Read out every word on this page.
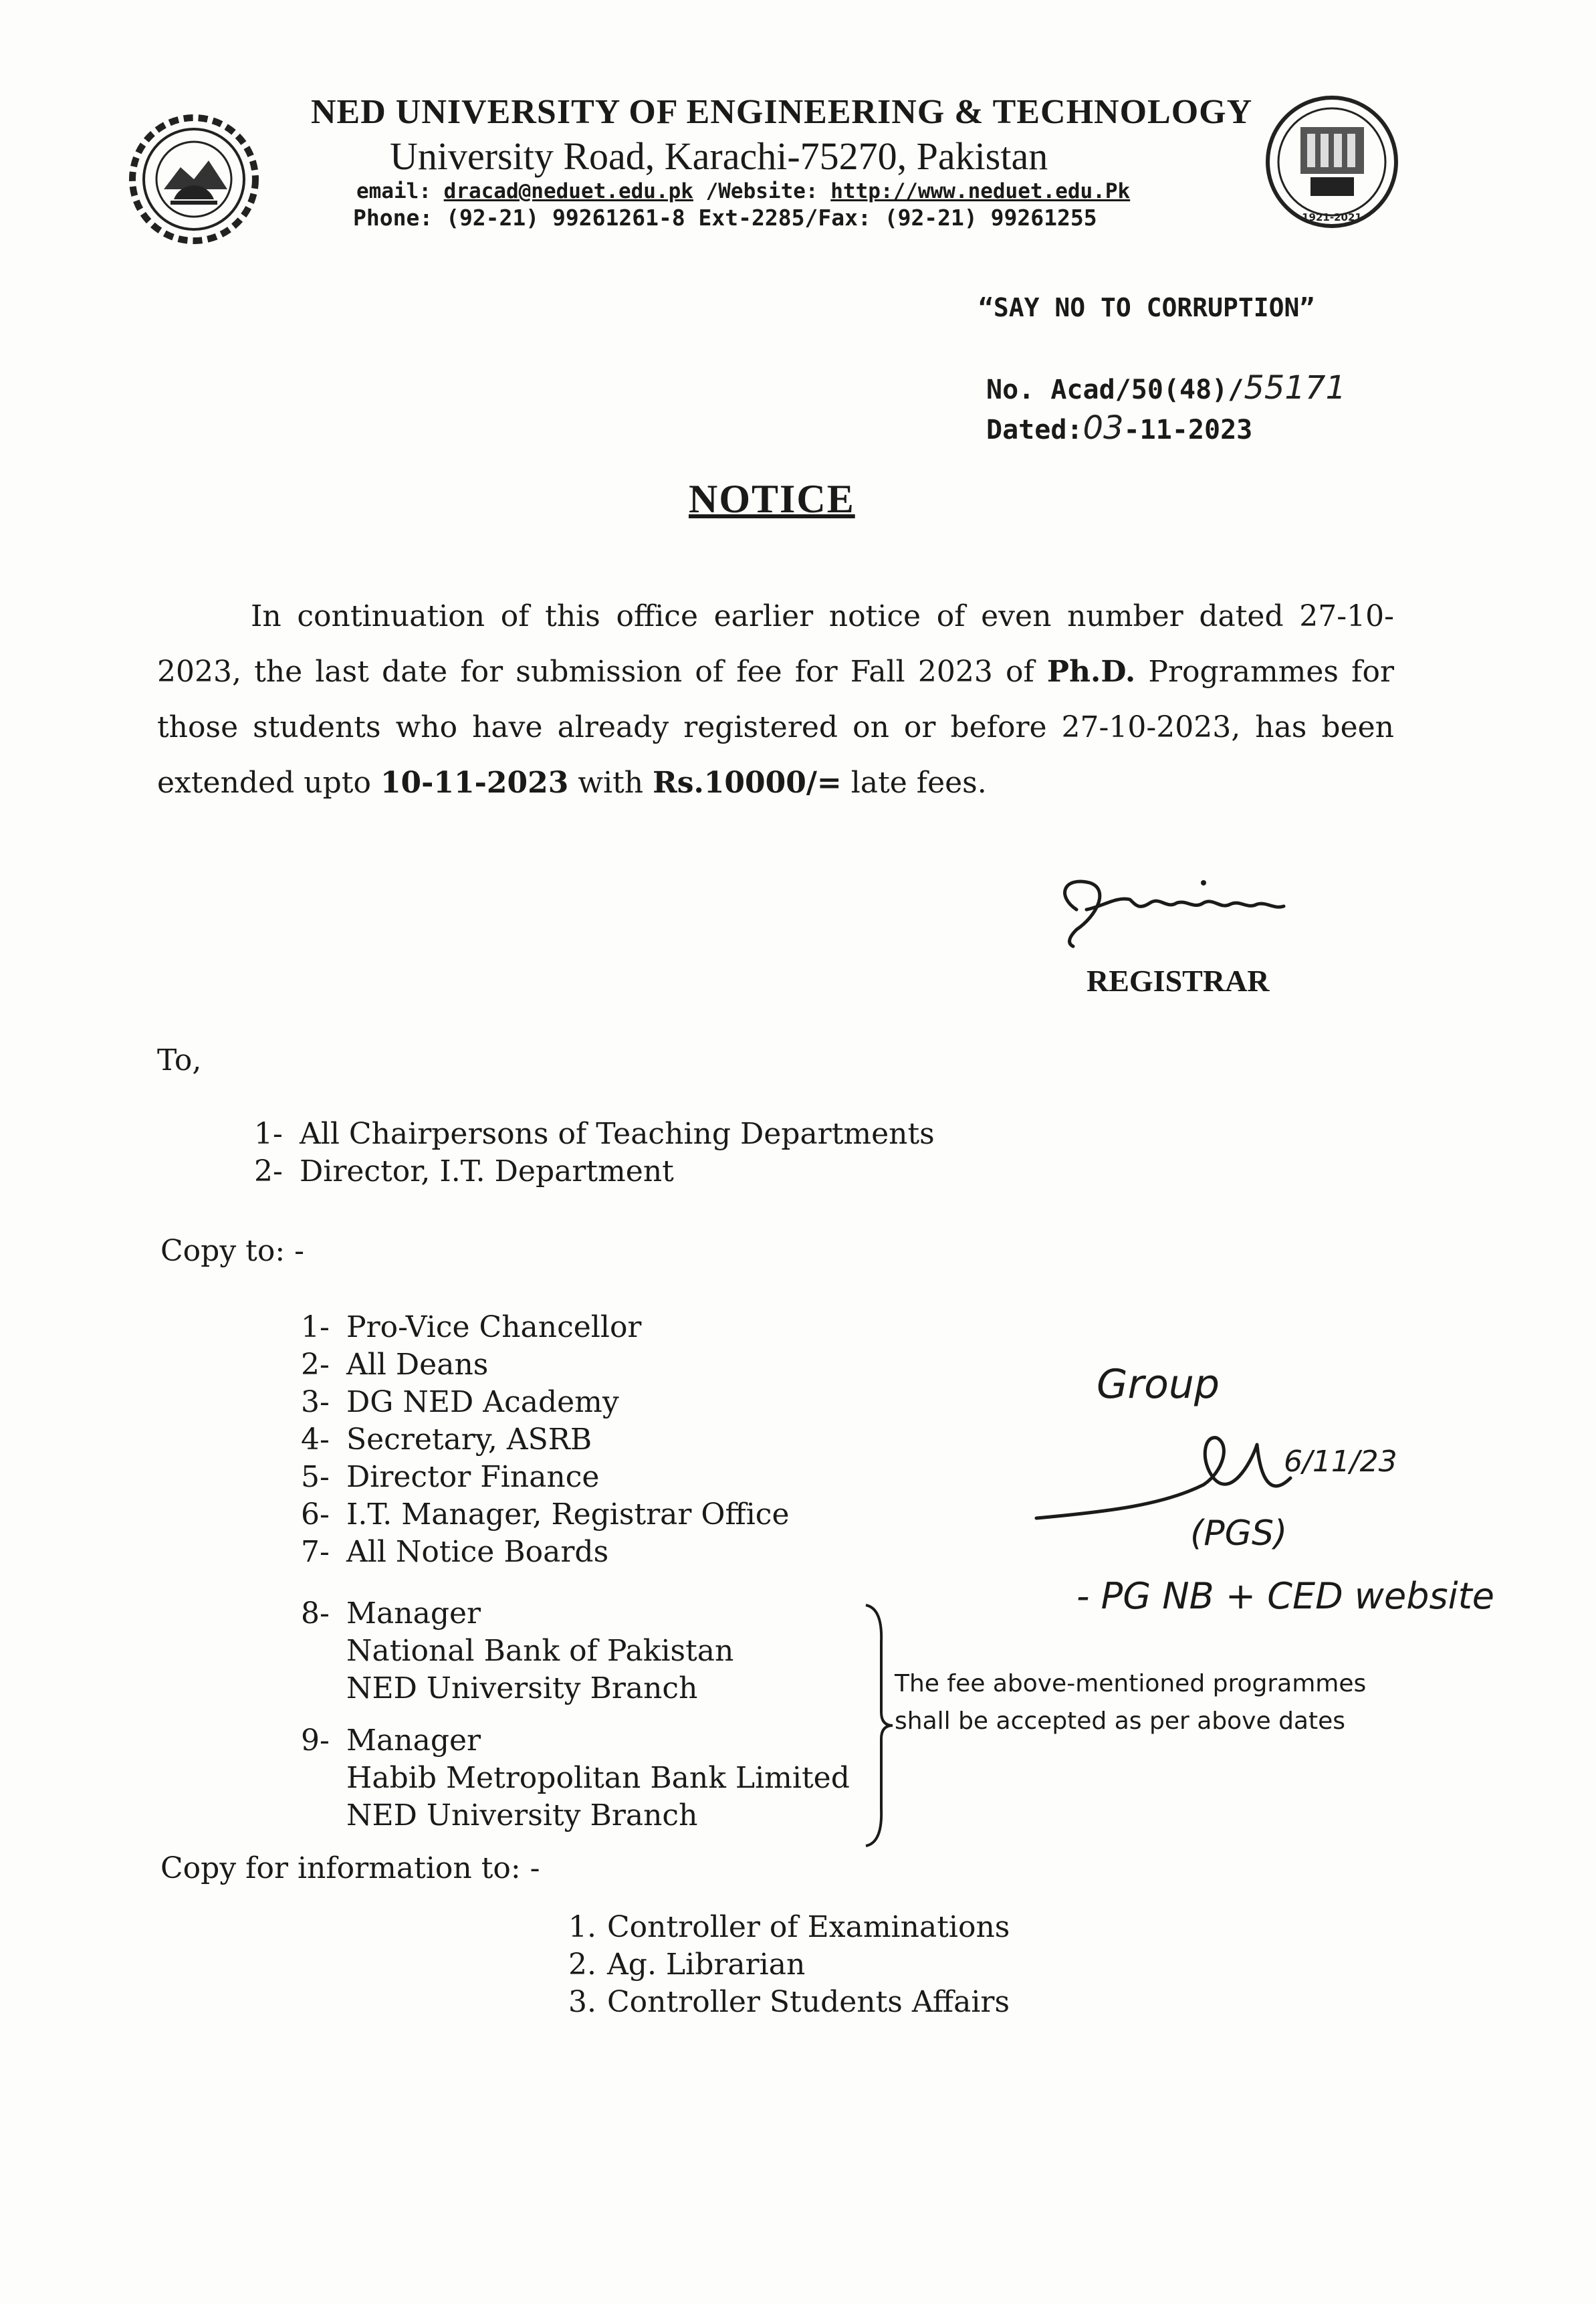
1921-2021
NED UNIVERSITY OF ENGINEERING & TECHNOLOGY
University Road, Karachi-75270, Pakistan
email: dracad@neduet.edu.pk /Website: http://www.neduet.edu.Pk
Phone: (92-21) 99261261-8 Ext-2285/Fax: (92-21) 99261255
“SAY NO TO CORRUPTION”
No. Acad/50(48)/55171
Dated:03-11-2023
NOTICE
In continuation of this office earlier notice of even number dated 27-10-2023, the last date for submission of fee for Fall 2023 of Ph.D. Programmes for those students who have already registered on or before 27-10-2023, has been extended upto 10-11-2023 with Rs.10000/= late fees.
REGISTRAR
To,
1- All Chairpersons of Teaching Departments
2- Director, I.T. Department
Copy to: -
1- Pro-Vice Chancellor
2- All Deans
3- DG NED Academy
4- Secretary, ASRB
5- Director Finance
6- I.T. Manager, Registrar Office
7- All Notice Boards
8- Manager
National Bank of Pakistan
NED University Branch
9- Manager
Habib Metropolitan Bank Limited
NED University Branch
The fee above-mentioned programmes
shall be accepted as per above dates
Group
6/11/23
(PGS)
- PG NB + CED website
Copy for information to: -
1. Controller of Examinations
2. Ag. Librarian
3. Controller Students Affairs
